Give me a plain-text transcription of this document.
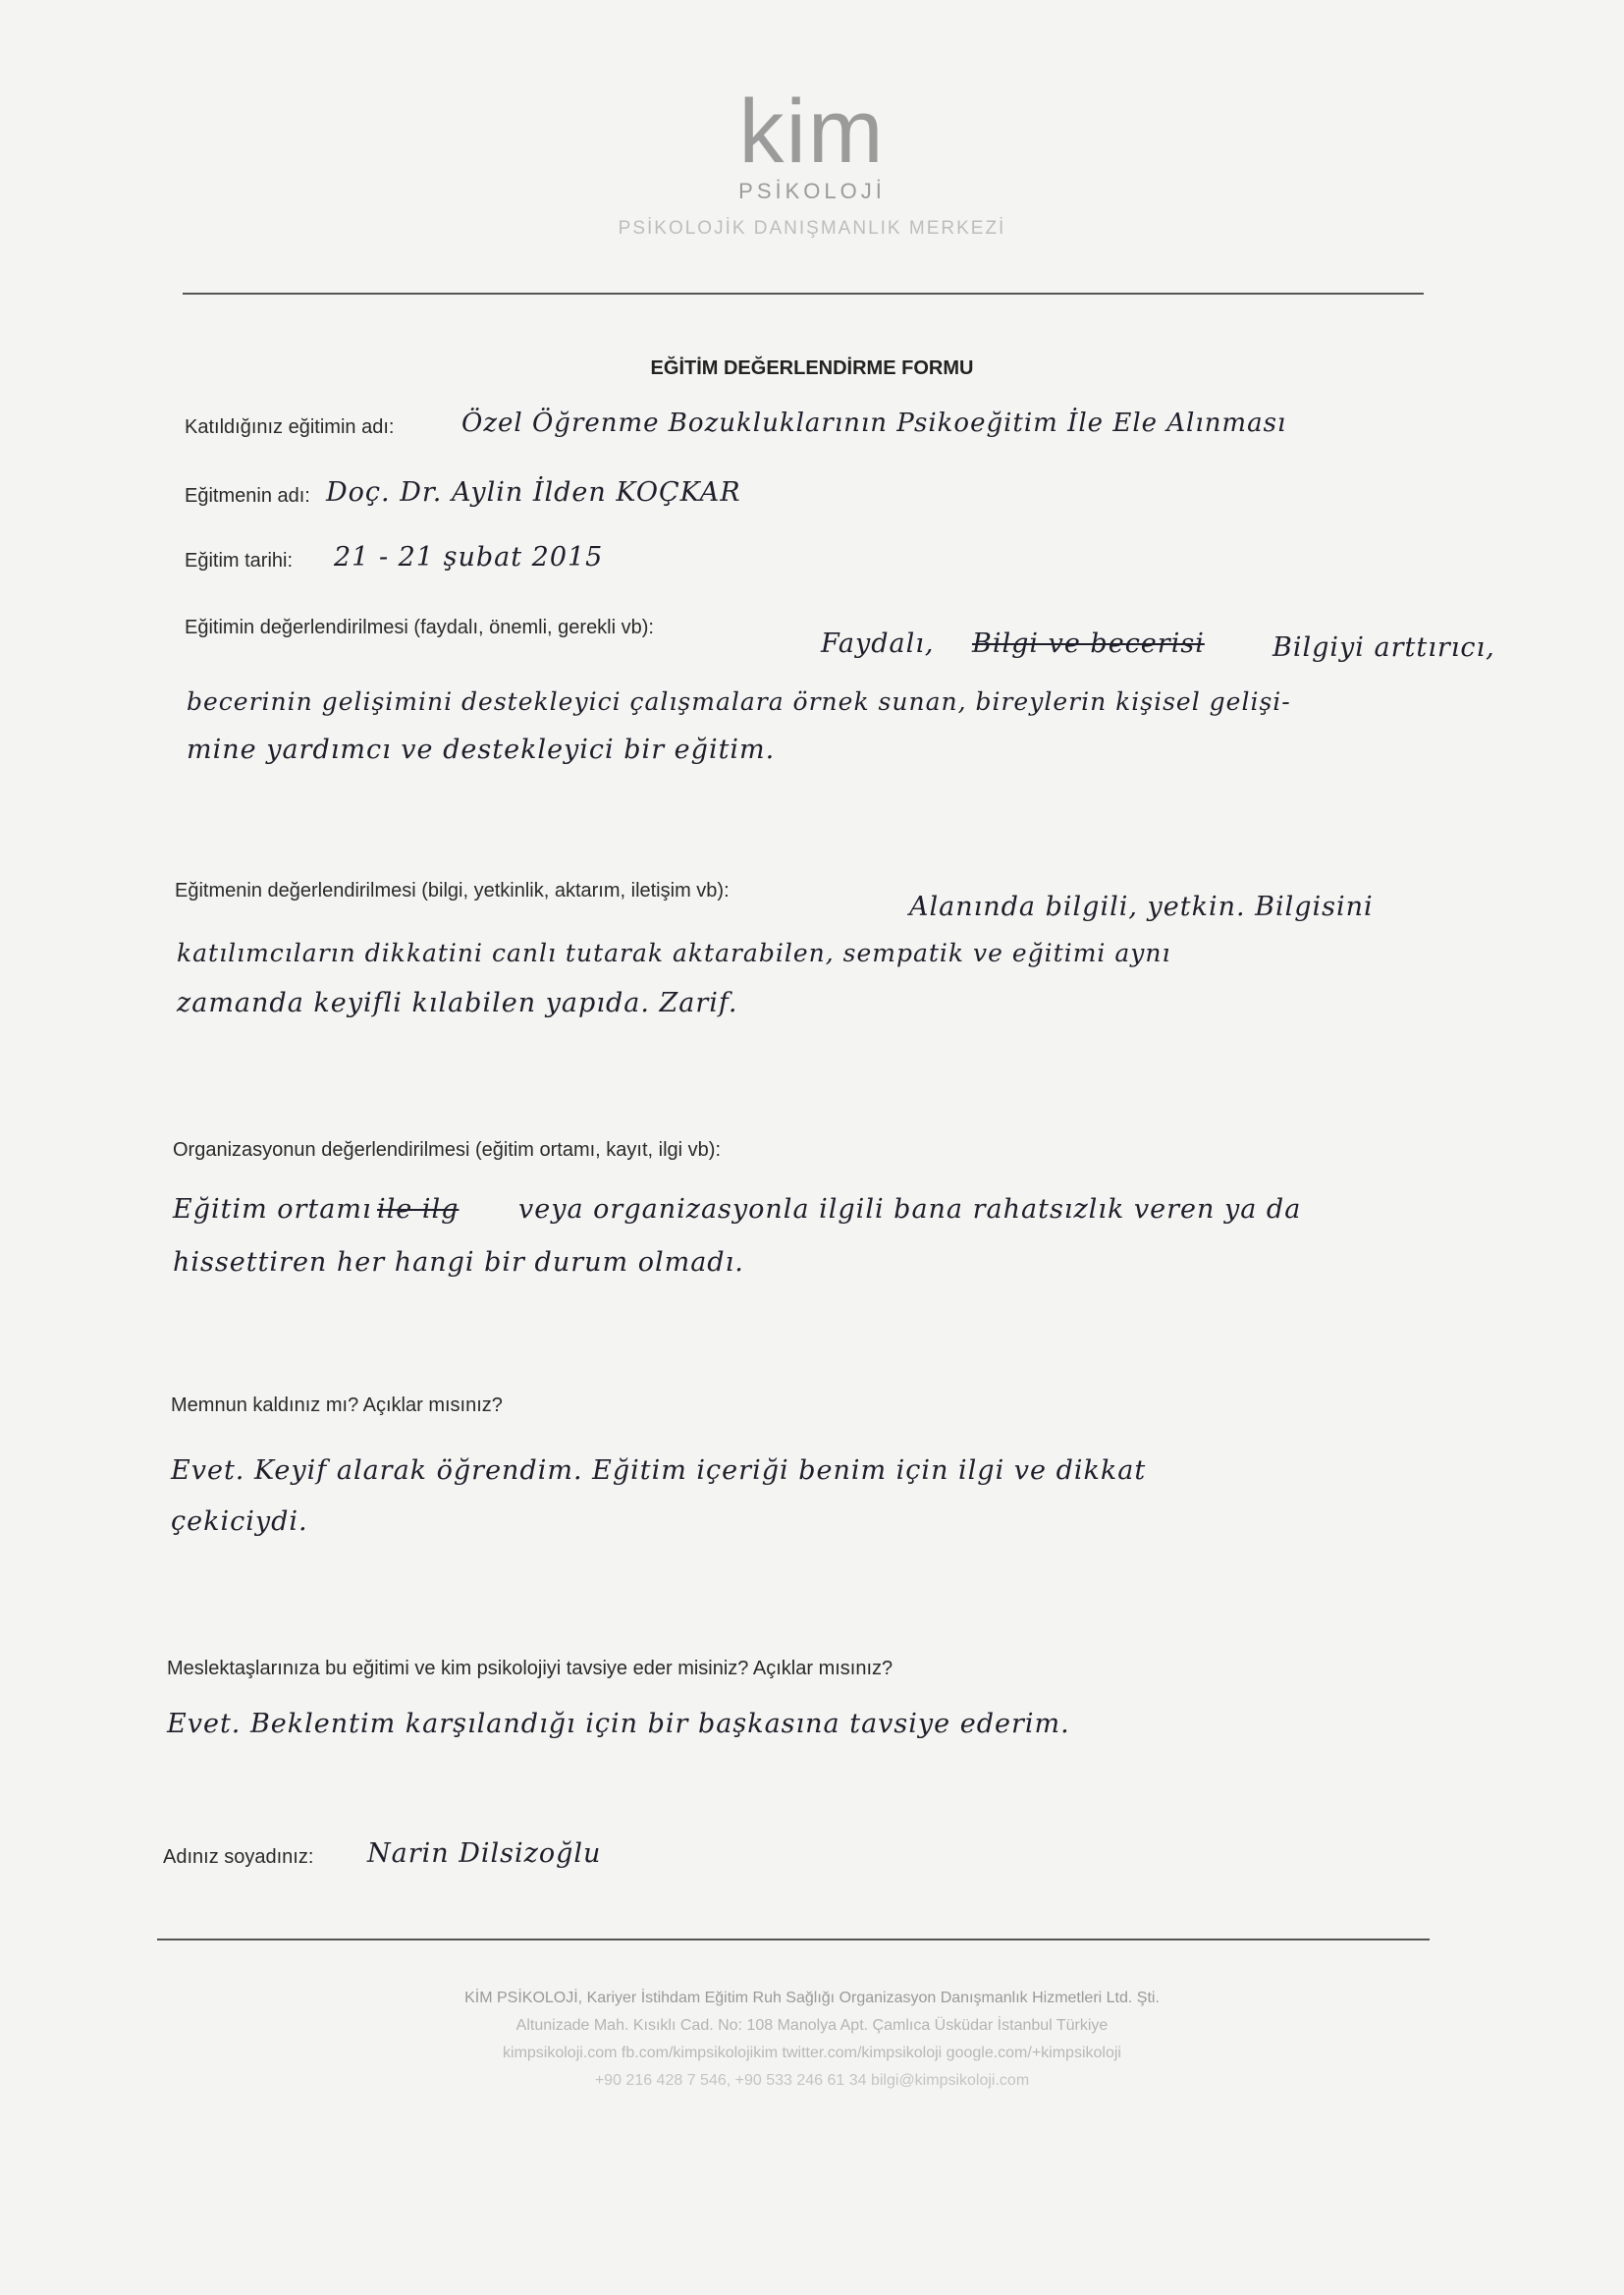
kim
PSİKOLOJİ
PSİKOLOJİK DANIŞMANLIK MERKEZİ
EĞİTİM DEĞERLENDİRME FORMU
Katıldığınız eğitimin adı:	Özel Öğrenme Bozukluklarının Psikoeğitim İle Ele Alınması
Eğitmenin adı: Doç. Dr. Aylin İlden KOÇKAR
Eğitim tarihi: 21 - 21 şubat 2015
Eğitimin değerlendirilmesi (faydalı, önemli, gerekli vb):
Faydalı, Bilgi ve becerisi	Bilgiyi arttırıcı,
becerinin gelişimini destekleyici çalışmalara örnek sunan, bireylerin kişisel gelişi-
mine yardımcı ve destekleyici bir eğitim.
Eğitmenin değerlendirilmesi (bilgi, yetkinlik, aktarım, iletişim vb):
Alanında bilgili, yetkin. Bilgisini
katılımcıların dikkatini canlı tutarak aktarabilen, sempatik ve eğitimi aynı
zamanda keyifli kılabilen yapıda. Zarif.
Organizasyonun değerlendirilmesi (eğitim ortamı, kayıt, ilgi vb):
Eğitim ortamı ile ilg veya organizasyonla ilgili bana rahatsızlık veren ya da
hissettiren her hangi bir durum olmadı.
Memnun kaldınız mı? Açıklar mısınız?
Evet. Keyif alarak öğrendim. Eğitim içeriği benim için ilgi ve dikkat
çekiciydi.
Meslektaşlarınıza bu eğitimi ve kim psikolojiyi tavsiye eder misiniz? Açıklar mısınız?
Evet. Beklentim karşılandığı için bir başkasına tavsiye ederim.
Adınız soyadınız: Narin Dilsizoğlu
KİM PSİKOLOJİ, Kariyer İstihdam Eğitim Ruh Sağlığı Organizasyon Danışmanlık Hizmetleri Ltd. Şti.
Altunizade Mah. Kısıklı Cad. No: 108 Manolya Apt. Çamlıca Üsküdar İstanbul Türkiye
kimpsikoloji.com fb.com/kimpsikolojikim twitter.com/kimpsikoloji google.com/+kimpsikoloji
+90 216 428 7 546, +90 533 246 61 34 bilgi@kimpsikoloji.com
